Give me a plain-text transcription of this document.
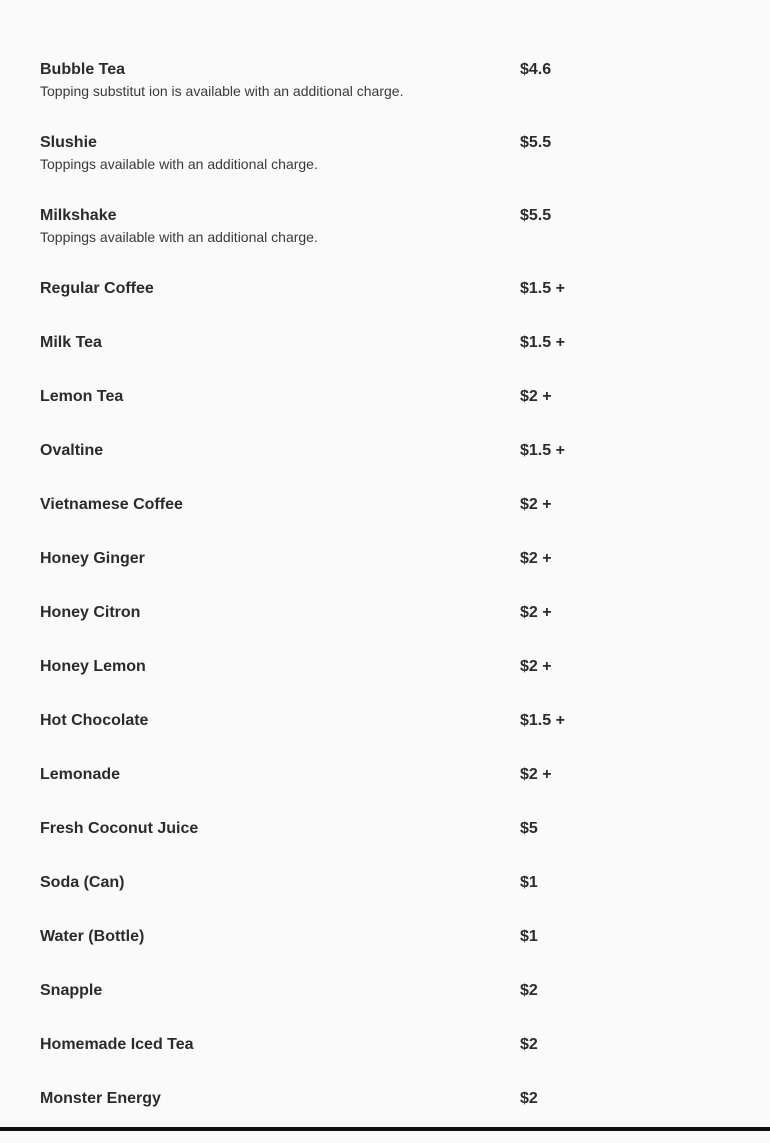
Bubble Tea	$4.6
Topping substitut ion is available with an additional charge.
Slushie	$5.5
Toppings available with an additional charge.
Milkshake	$5.5
Toppings available with an additional charge.
Regular Coffee	$1.5 +
Milk Tea	$1.5 +
Lemon Tea	$2 +
Ovaltine	$1.5 +
Vietnamese Coffee	$2 +
Honey Ginger	$2 +
Honey Citron	$2 +
Honey Lemon	$2 +
Hot Chocolate	$1.5 +
Lemonade	$2 +
Fresh Coconut Juice	$5
Soda (Can)	$1
Water (Bottle)	$1
Snapple	$2
Homemade Iced Tea	$2
Monster Energy	$2
